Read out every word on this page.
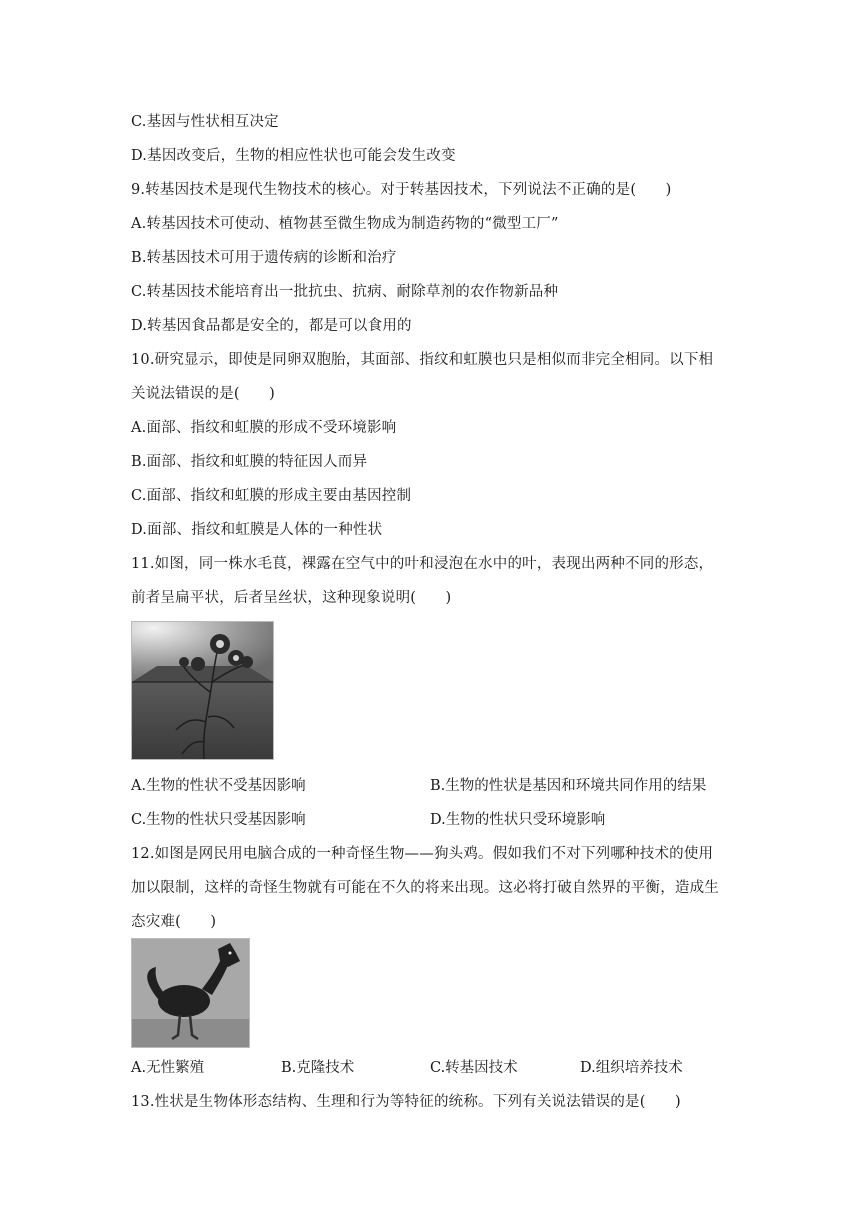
C.基因与性状相互决定
D.基因改变后，生物的相应性状也可能会发生改变
9.转基因技术是现代生物技术的核心。对于转基因技术，下列说法不正确的是(　　)
A.转基因技术可使动、植物甚至微生物成为制造药物的“微型工厂”
B.转基因技术可用于遗传病的诊断和治疗
C.转基因技术能培育出一批抗虫、抗病、耐除草剂的农作物新品种
D.转基因食品都是安全的，都是可以食用的
10.研究显示，即使是同卵双胞胎，其面部、指纹和虹膜也只是相似而非完全相同。以下相
关说法错误的是(　　)
A.面部、指纹和虹膜的形成不受环境影响
B.面部、指纹和虹膜的特征因人而异
C.面部、指纹和虹膜的形成主要由基因控制
D.面部、指纹和虹膜是人体的一种性状
11.如图，同一株水毛茛，裸露在空气中的叶和浸泡在水中的叶，表现出两种不同的形态，
前者呈扁平状，后者呈丝状，这种现象说明(　　)
A.生物的性状不受基因影响	B.生物的性状是基因和环境共同作用的结果
C.生物的性状只受基因影响	D.生物的性状只受环境影响
12.如图是网民用电脑合成的一种奇怪生物——狗头鸡。假如我们不对下列哪种技术的使用
加以限制，这样的奇怪生物就有可能在不久的将来出现。这必将打破自然界的平衡，造成生
态灾难(　　)
A.无性繁殖	B.克隆技术	C.转基因技术	D.组织培养技术
13.性状是生物体形态结构、生理和行为等特征的统称。下列有关说法错误的是(　　)
